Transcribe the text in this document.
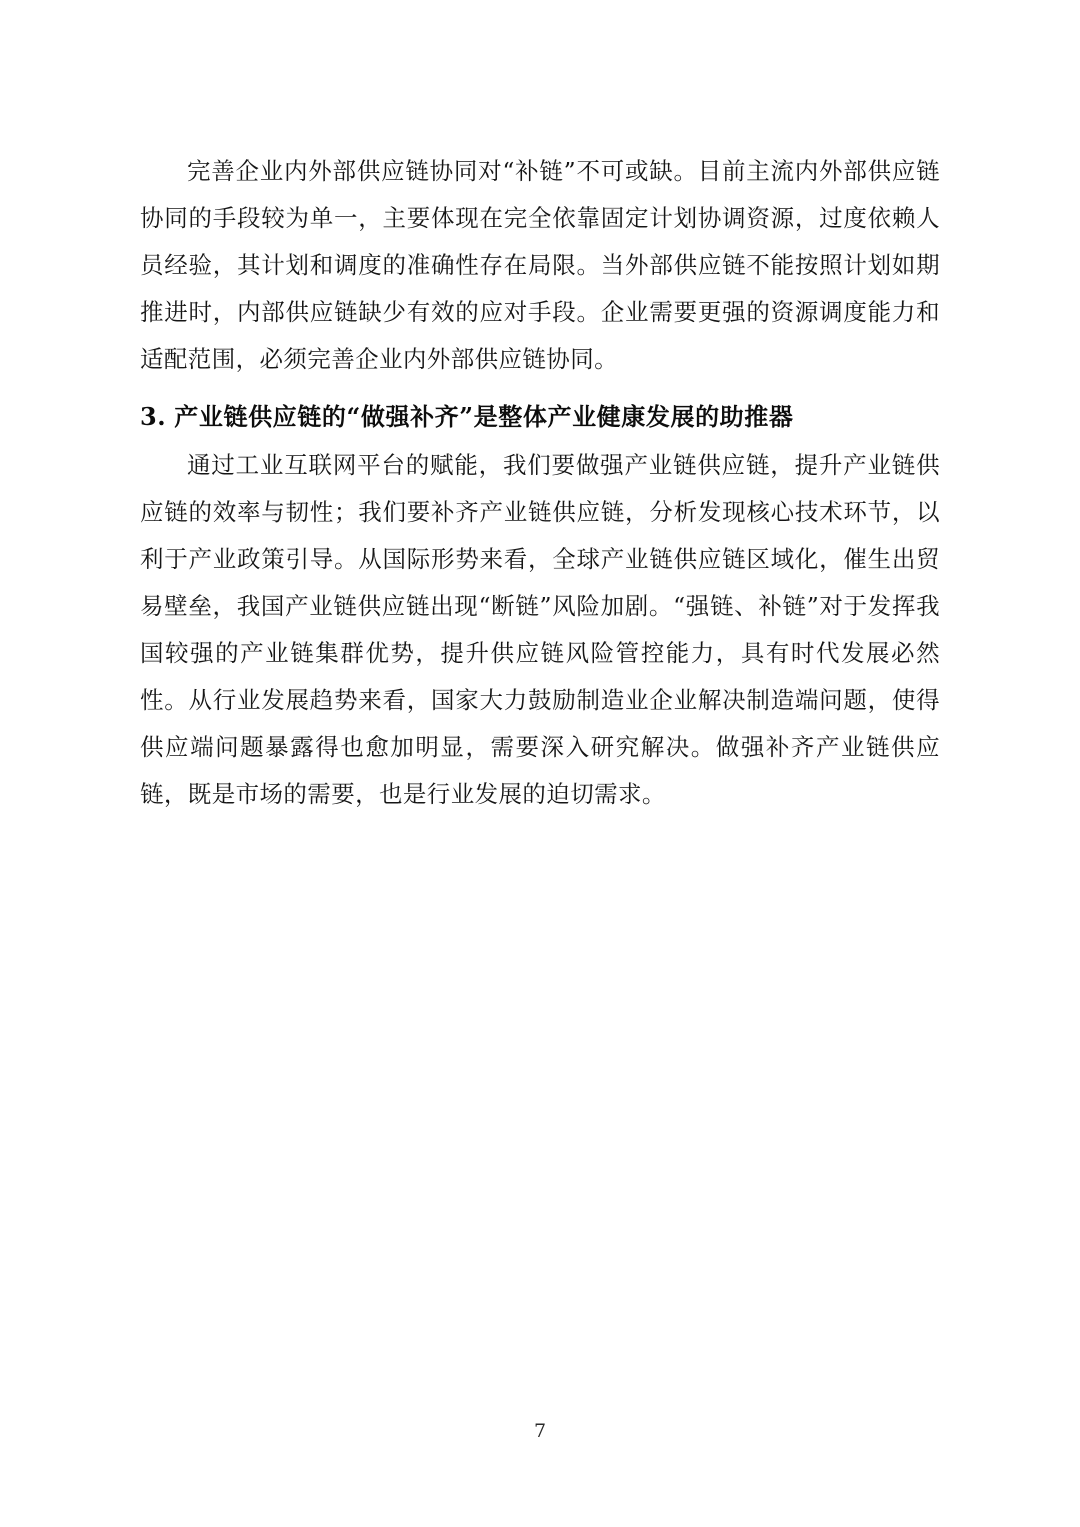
完善企业内外部供应链协同对“补链”不可或缺。目前主流内外部供应链协同的手段较为单一，主要体现在完全依靠固定计划协调资源，过度依赖人员经验，其计划和调度的准确性存在局限。当外部供应链不能按照计划如期推进时，内部供应链缺少有效的应对手段。企业需要更强的资源调度能力和适配范围，必须完善企业内外部供应链协同。

3. 产业链供应链的“做强补齐”是整体产业健康发展的助推器

通过工业互联网平台的赋能，我们要做强产业链供应链，提升产业链供应链的效率与韧性；我们要补齐产业链供应链，分析发现核心技术环节，以利于产业政策引导。从国际形势来看，全球产业链供应链区域化，催生出贸易壁垒，我国产业链供应链出现“断链”风险加剧。“强链、补链”对于发挥我国较强的产业链集群优势，提升供应链风险管控能力，具有时代发展必然性。从行业发展趋势来看，国家大力鼓励制造业企业解决制造端问题，使得供应端问题暴露得也愈加明显，需要深入研究解决。做强补齐产业链供应链，既是市场的需要，也是行业发展的迫切需求。

7
